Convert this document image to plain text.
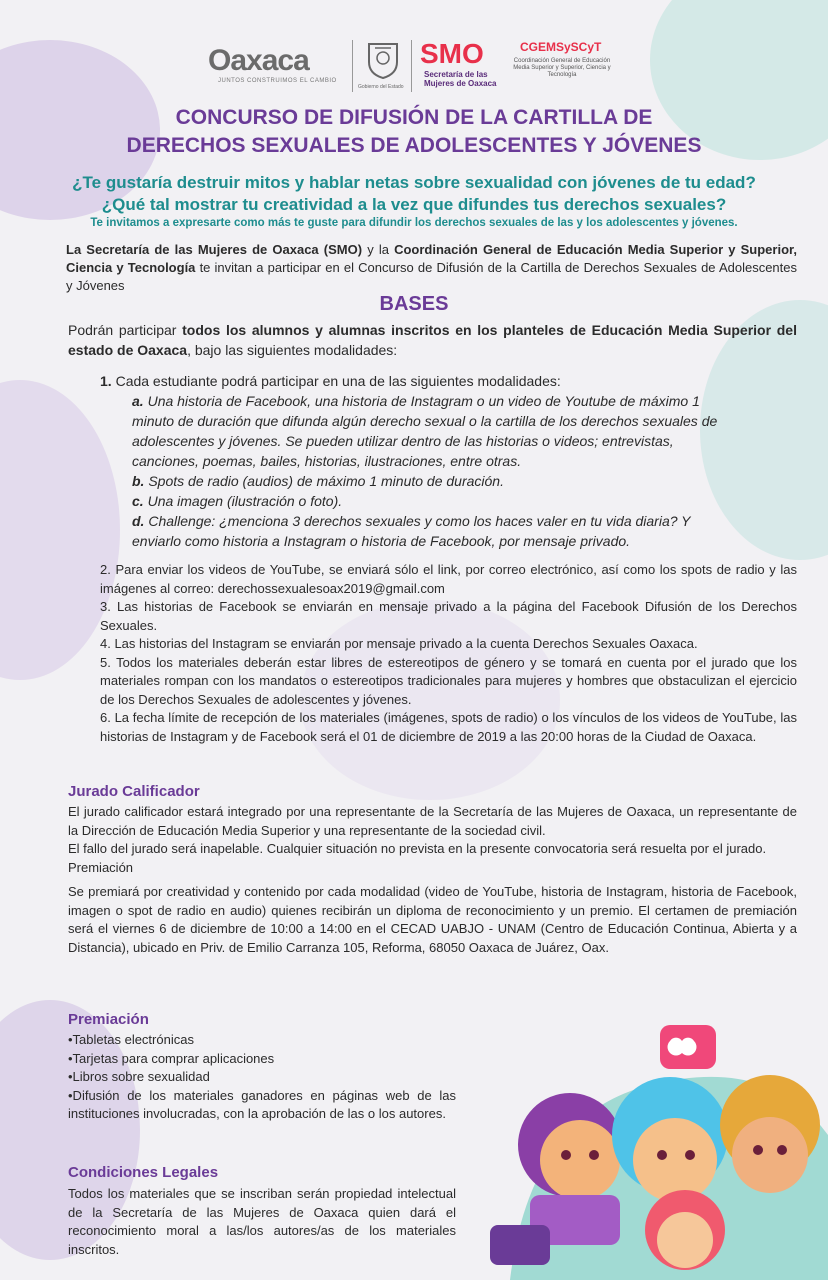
Oaxaca
JUNTOS CONSTRUIMOS EL CAMBIO
Gobierno del Estado
SMO
Secretaría de las Mujeres de Oaxaca
CGEMSySCyT
Coordinación General de Educación Media Superior y Superior, Ciencia y Tecnología
CONCURSO DE DIFUSIÓN DE LA CARTILLA DE
DERECHOS SEXUALES DE ADOLESCENTES Y JÓVENES
¿Te gustaría destruir mitos y hablar netas sobre sexualidad con jóvenes de tu edad?
¿Qué tal mostrar tu creatividad a la vez que difundes tus derechos sexuales?
Te invitamos a expresarte como más te guste para difundir los derechos sexuales de las y los adolescentes y jóvenes.
La Secretaría de las Mujeres de Oaxaca (SMO) y la Coordinación General de Educación Media Superior y Superior, Ciencia y Tecnología te invitan a participar en el Concurso de Difusión de la Cartilla de Derechos Sexuales de Adolescentes y Jóvenes
BASES
Podrán participar todos los alumnos y alumnas inscritos en los planteles de Educación Media Superior del estado de Oaxaca, bajo las siguientes modalidades:
1. Cada estudiante podrá participar en una de las siguientes modalidades:
a. Una historia de Facebook, una historia de Instagram o un video de Youtube de máximo 1 minuto de duración que difunda algún derecho sexual o la cartilla de los derechos sexuales de adolescentes y jóvenes. Se pueden utilizar dentro de las historias o videos; entrevistas, canciones, poemas, bailes, historias, ilustraciones, entre otras.
b. Spots de radio (audios) de máximo 1 minuto de duración.
c. Una imagen (ilustración o foto).
d. Challenge: ¿menciona 3 derechos sexuales y como los haces valer en tu vida diaria? Y enviarlo como historia a Instagram o historia de Facebook, por mensaje privado.

2. Para enviar los videos de YouTube, se enviará sólo el link, por correo electrónico, así como los spots de radio y las imágenes al correo: derechossexualesoax2019@gmail.com

3. Las historias de Facebook se enviarán en mensaje privado a la página del Facebook Difusión de los Derechos Sexuales.

4. Las historias del Instagram se enviarán por mensaje privado a la cuenta Derechos Sexuales Oaxaca.

5. Todos los materiales deberán estar libres de estereotipos de género y se tomará en cuenta por el jurado que los materiales rompan con los mandatos o estereotipos tradicionales para mujeres y hombres que obstaculizan el ejercicio de los Derechos Sexuales de adolescentes y jóvenes.

6. La fecha límite de recepción de los materiales (imágenes, spots de radio) o los vínculos de los videos de YouTube, las historias de Instagram y de Facebook será el 01 de diciembre de 2019 a las 20:00 horas de la Ciudad de Oaxaca.

Jurado Calificador

El jurado calificador estará integrado por una representante de la Secretaría de las Mujeres de Oaxaca, un representante de la Dirección de Educación Media Superior y una representante de la sociedad civil.

El fallo del jurado será inapelable. Cualquier situación no prevista en la presente convocatoria será resuelta por el jurado.

Premiación

Se premiará por creatividad y contenido por cada modalidad (video de YouTube, historia de Instagram, historia de Facebook, imagen o spot de radio en audio) quienes recibirán un diploma de reconocimiento y un premio. El certamen de premiación será el viernes 6 de diciembre de 10:00 a 14:00 en el CECAD UABJO - UNAM (Centro de Educación Continua, Abierta y a Distancia), ubicado en Priv. de Emilio Carranza 105, Reforma, 68050 Oaxaca de Juárez, Oax.

Premiación
•Tabletas electrónicas
•Tarjetas para comprar aplicaciones
•Libros sobre sexualidad
•Difusión de los materiales ganadores en páginas web de las instituciones involucradas, con la aprobación de las o los autores.
Condiciones Legales
Todos los materiales que se inscriban serán propiedad intelectual de la Secretaría de las Mujeres de Oaxaca quien dará el reconocimiento moral a las/los autores/as de los materiales inscritos.
